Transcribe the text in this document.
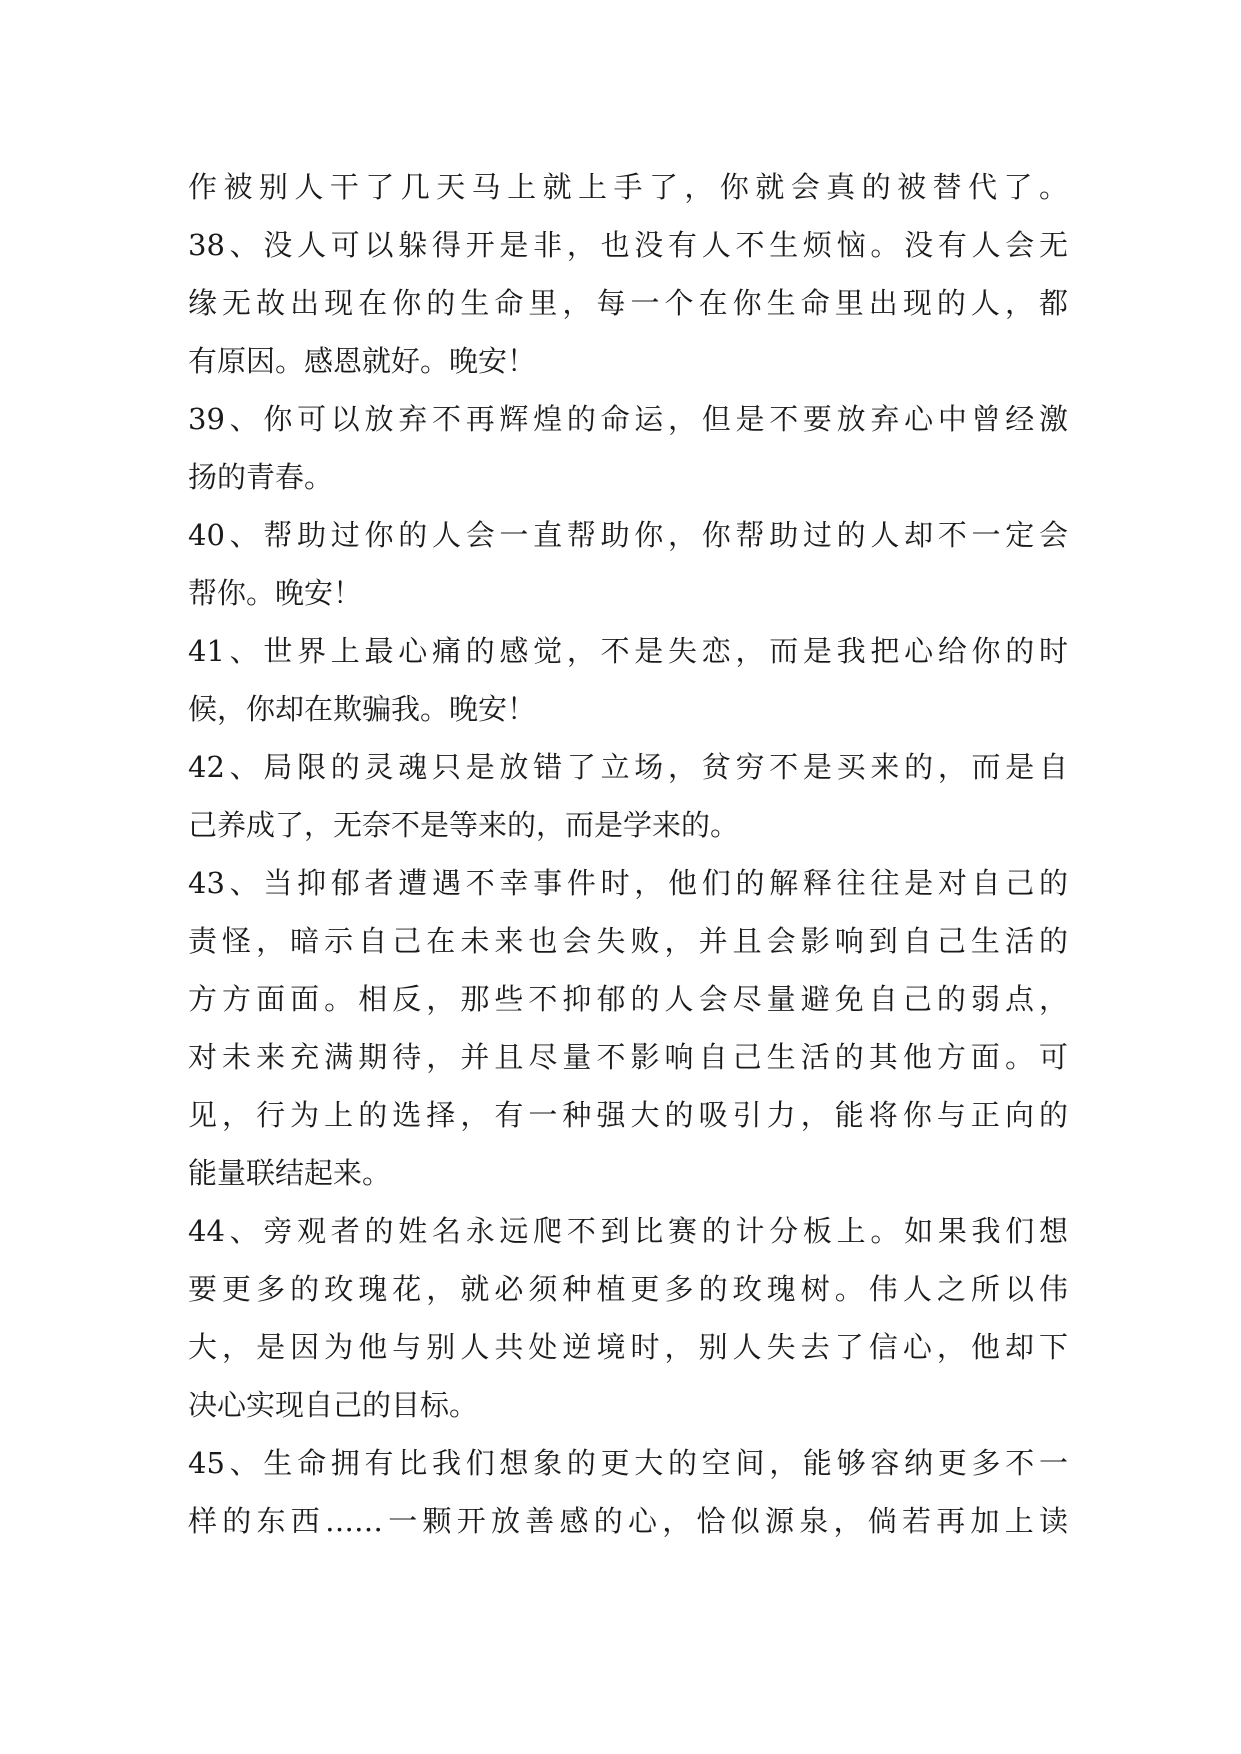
作被别人干了几天马上就上手了，你就会真的被替代了。
38、没人可以躲得开是非，也没有人不生烦恼。没有人会无
缘无故出现在你的生命里，每一个在你生命里出现的人，都
有原因。感恩就好。晚安！
39、你可以放弃不再辉煌的命运，但是不要放弃心中曾经激
扬的青春。
40、帮助过你的人会一直帮助你，你帮助过的人却不一定会
帮你。晚安！
41、世界上最心痛的感觉，不是失恋，而是我把心给你的时
候，你却在欺骗我。晚安！
42、局限的灵魂只是放错了立场，贫穷不是买来的，而是自
己养成了，无奈不是等来的，而是学来的。
43、当抑郁者遭遇不幸事件时，他们的解释往往是对自己的
责怪，暗示自己在未来也会失败，并且会影响到自己生活的
方方面面。相反，那些不抑郁的人会尽量避免自己的弱点，
对未来充满期待，并且尽量不影响自己生活的其他方面。可
见，行为上的选择，有一种强大的吸引力，能将你与正向的
能量联结起来。
44、旁观者的姓名永远爬不到比赛的计分板上。如果我们想
要更多的玫瑰花，就必须种植更多的玫瑰树。伟人之所以伟
大，是因为他与别人共处逆境时，别人失去了信心，他却下
决心实现自己的目标。
45、生命拥有比我们想象的更大的空间，能够容纳更多不一
样的东西……一颗开放善感的心，恰似源泉，倘若再加上读
